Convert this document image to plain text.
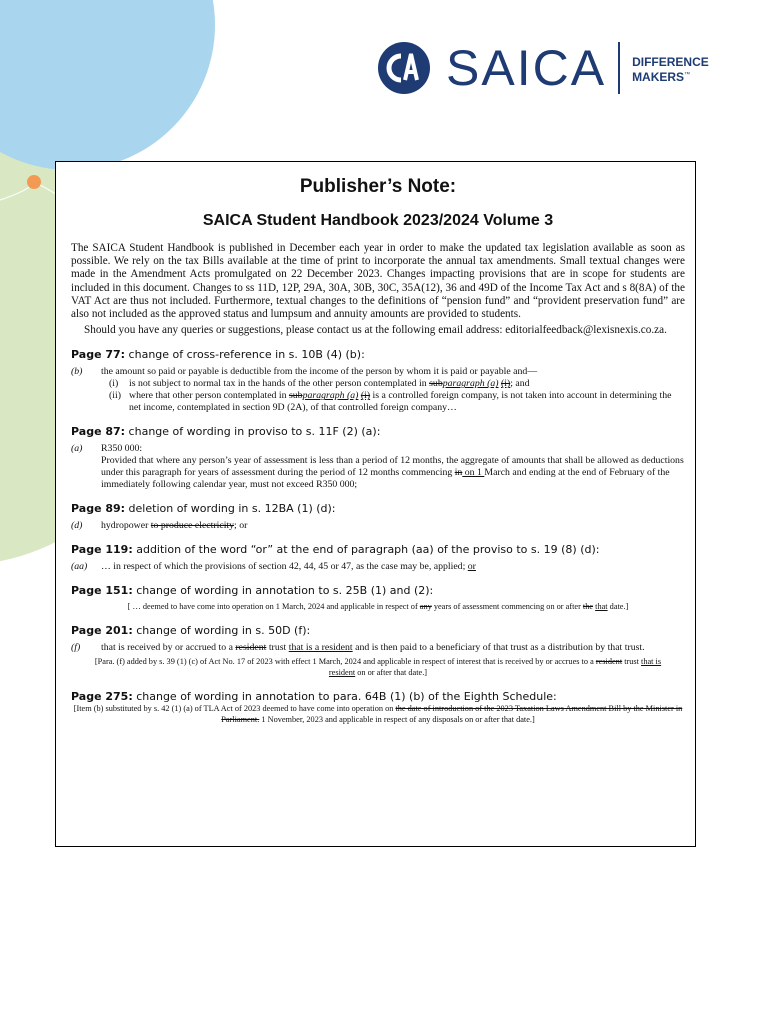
SAICA DIFFERENCE
MAKERS™
Publisher’s Note:
SAICA Student Handbook 2023/2024 Volume 3

The SAICA Student Handbook is published in December each year in order to make the updated tax legislation available as soon as possible. We rely on the tax Bills available at the time of print to incorporate the annual tax amendments. Small textual changes were made in the Amendment Acts promulgated on 22 December 2023. Changes impacting provisions that are in scope for students are included in this document. Changes to ss 11D, 12P, 29A, 30A, 30B, 30C, 35A(12), 36 and 49D of the Income Tax Act and s 8(8A) of the VAT Act are thus not included. Furthermore, textual changes to the definitions of “pension fund” and “provident preservation fund” are also not included as the approved status and lumpsum and annuity amounts are provided to students.

Should you have any queries or suggestions, please contact us at the following email address: editorialfeedback@lexisnexis.co.za.

Page 77: change of cross-reference in s. 10B (4) (b):
(b)	the amount so paid or payable is deductible from the income of the person by whom it is paid or payable and—
(i)	is not subject to normal tax in the hands of the other person contemplated in subparagraph (a) (i); and
(ii) where that other person contemplated in subparagraph (a) (i) is a controlled foreign company, is not taken into account in determining the net income, contemplated in section 9D (2A), of that controlled foreign company…
Page 87: change of wording in proviso to s. 11F (2) (a):
(a)	R350 000:
Provided that where any person’s year of assessment is less than a period of 12 months, the aggregate of amounts that shall be allowed as deductions under this paragraph for years of assessment during the period of 12 months commencing in on 1 March and ending at the end of February of the immediately following calendar year, must not exceed R350 000;
Page 89: deletion of wording in s. 12BA (1) (d):
(d)	hydropower to produce electricity; or
Page 119: addition of the word “or” at the end of paragraph (aa) of the proviso to s. 19 (8) (d):
(aa)	… in respect of which the provisions of section 42, 44, 45 or 47, as the case may be, applied; or
Page 151: change of wording in annotation to s. 25B (1) and (2):
[ … deemed to have come into operation on 1 March, 2024 and applicable in respect of any years of assessment commencing on or after the that date.]
Page 201: change of wording in s. 50D (f):
(f)	that is received by or accrued to a resident trust that is a resident and is then paid to a beneficiary of that trust as a distribution by that trust.
[Para. (f) added by s. 39 (1) (c) of Act No. 17 of 2023 with effect 1 March, 2024 and applicable in respect of interest that is received by or accrues to a resident trust that is resident on or after that date.]
Page 275: change of wording in annotation to para. 64B (1) (b) of the Eighth Schedule:
[Item (b) substituted by s. 42 (1) (a) of TLA Act of 2023 deemed to have come into operation on the date of introduction of the 2023 Taxation Laws Amendment Bill by the Minister in Parliament. 1 November, 2023 and applicable in respect of any disposals on or after that date.]
